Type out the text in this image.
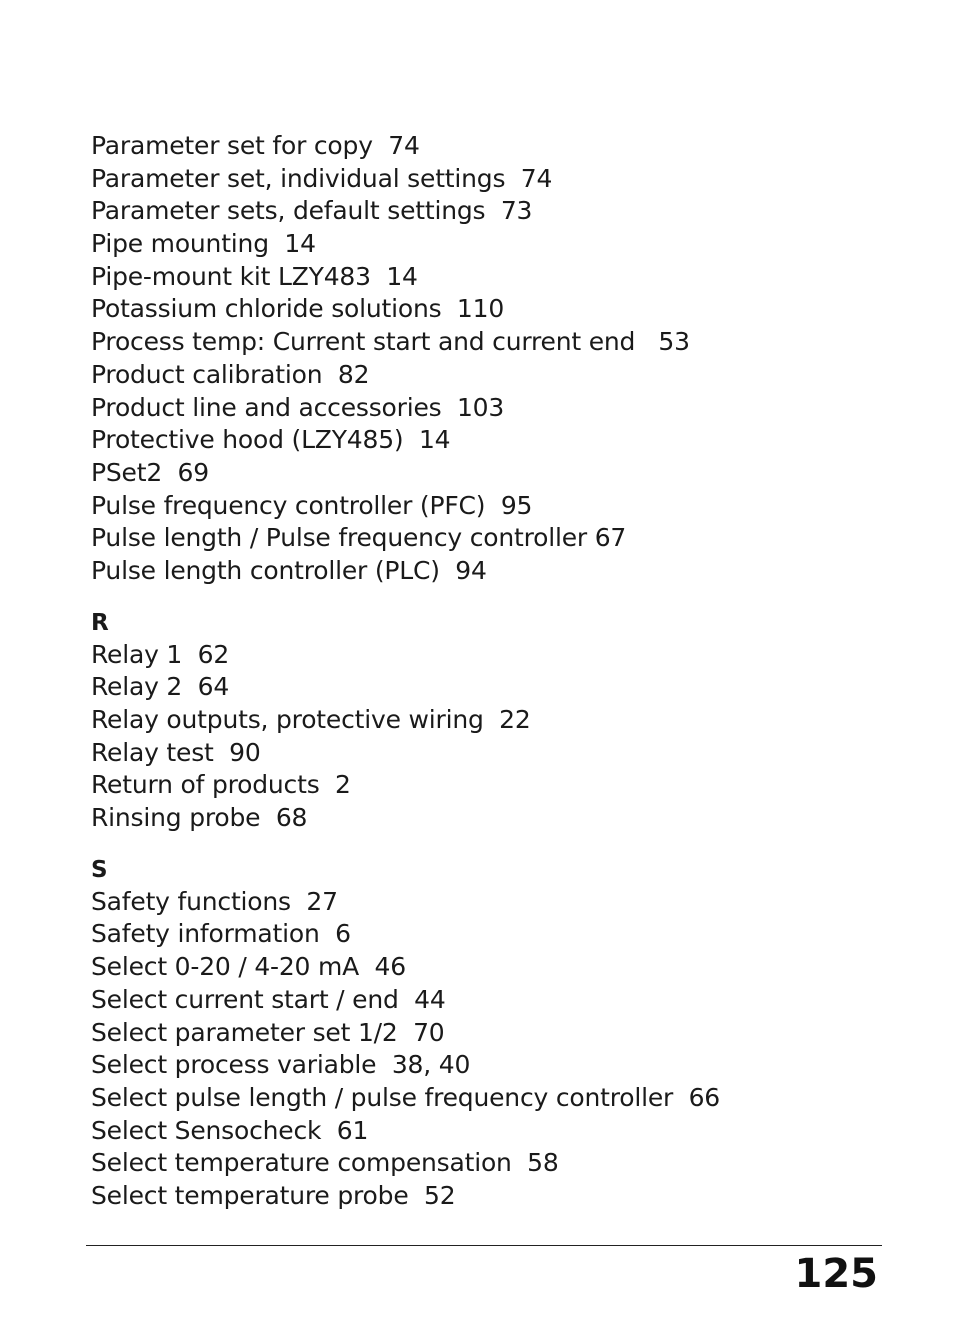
Parameter set for copy  74
Parameter set, individual settings  74
Parameter sets, default settings  73
Pipe mounting  14
Pipe-mount kit LZY483  14
Potassium chloride solutions  110
Process temp: Current start and current end   53
Product calibration  82
Product line and accessories  103
Protective hood (LZY485)  14
PSet2  69
Pulse frequency controller (PFC)  95
Pulse length / Pulse frequency controller 67
Pulse length controller (PLC)  94
R
Relay 1  62
Relay 2  64
Relay outputs, protective wiring  22
Relay test  90
Return of products  2
Rinsing probe  68
S
Safety functions  27
Safety information  6
Select 0-20 / 4-20 mA  46
Select current start / end  44
Select parameter set 1/2  70
Select process variable  38, 40
Select pulse length / pulse frequency controller  66
Select Sensocheck  61
Select temperature compensation  58
Select temperature probe  52
125
